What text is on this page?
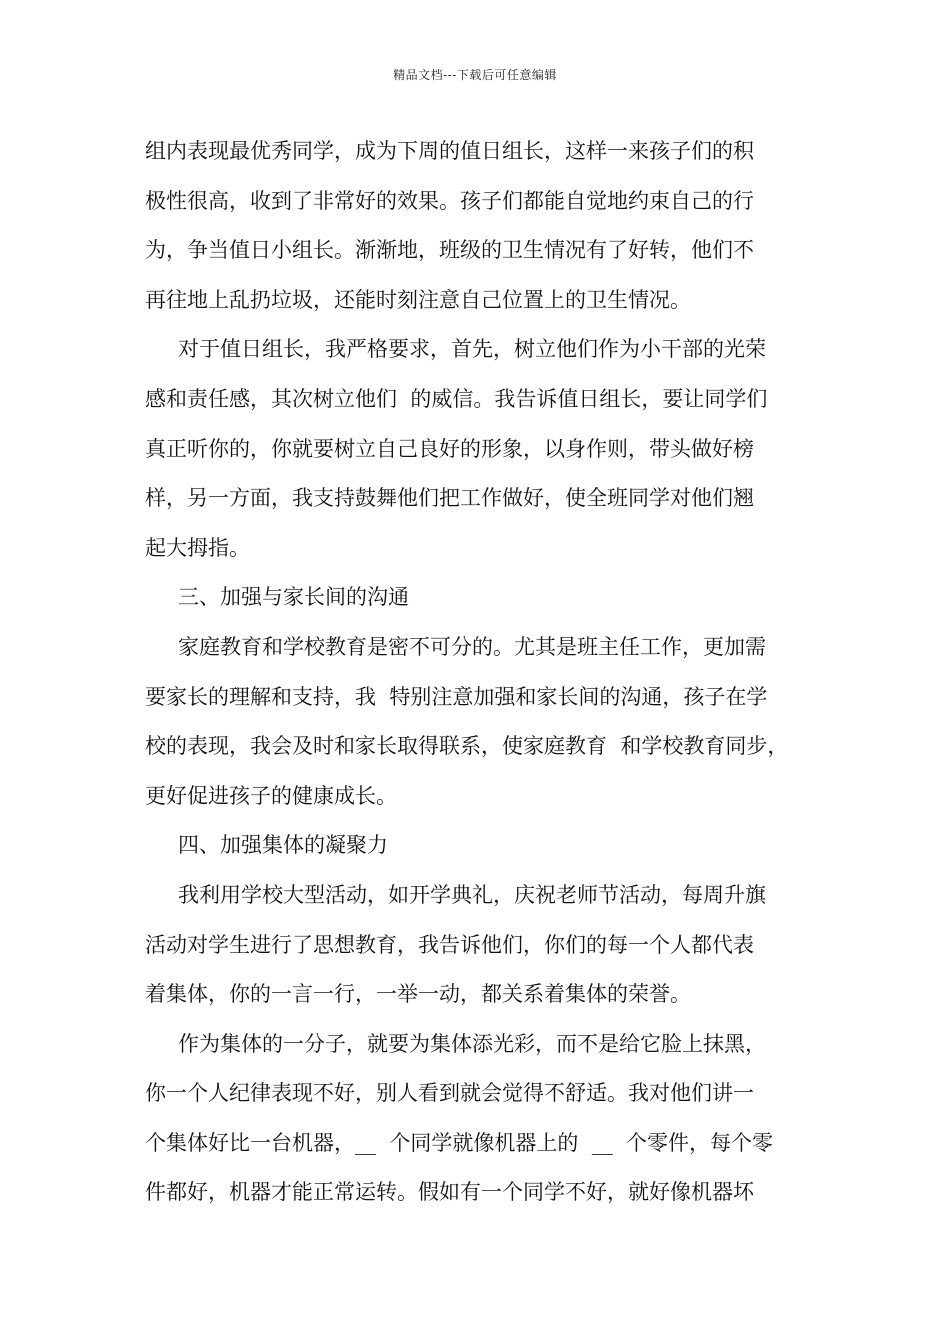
精品文档---下载后可任意编辑
组内表现最优秀同学，成为下周的值日组长，这样一来孩子们的积
极性很高，收到了非常好的效果。孩子们都能自觉地约束自己的行
为，争当值日小组长。渐渐地，班级的卫生情况有了好转，他们不
再往地上乱扔垃圾，还能时刻注意自己位置上的卫生情况。
对于值日组长，我严格要求，首先，树立他们作为小干部的光荣
感和责任感，其次树立他们  的威信。我告诉值日组长，要让同学们
真正听你的，你就要树立自己良好的形象，以身作则，带头做好榜
样，另一方面，我支持鼓舞他们把工作做好，使全班同学对他们翘
起大拇指。
三、加强与家长间的沟通
家庭教育和学校教育是密不可分的。尤其是班主任工作，更加需
要家长的理解和支持，我  特别注意加强和家长间的沟通，孩子在学
校的表现，我会及时和家长取得联系，使家庭教育  和学校教育同步，
更好促进孩子的健康成长。
四、加强集体的凝聚力
我利用学校大型活动，如开学典礼，庆祝老师节活动，每周升旗
活动对学生进行了思想教育，我告诉他们，你们的每一个人都代表
着集体，你的一言一行，一举一动，都关系着集体的荣誉。
作为集体的一分子，就要为集体添光彩，而不是给它脸上抹黑，
你一个人纪律表现不好，别人看到就会觉得不舒适。我对他们讲一
个集体好比一台机器，__  个同学就像机器上的  __  个零件，每个零
件都好，机器才能正常运转。假如有一个同学不好，就好像机器坏
